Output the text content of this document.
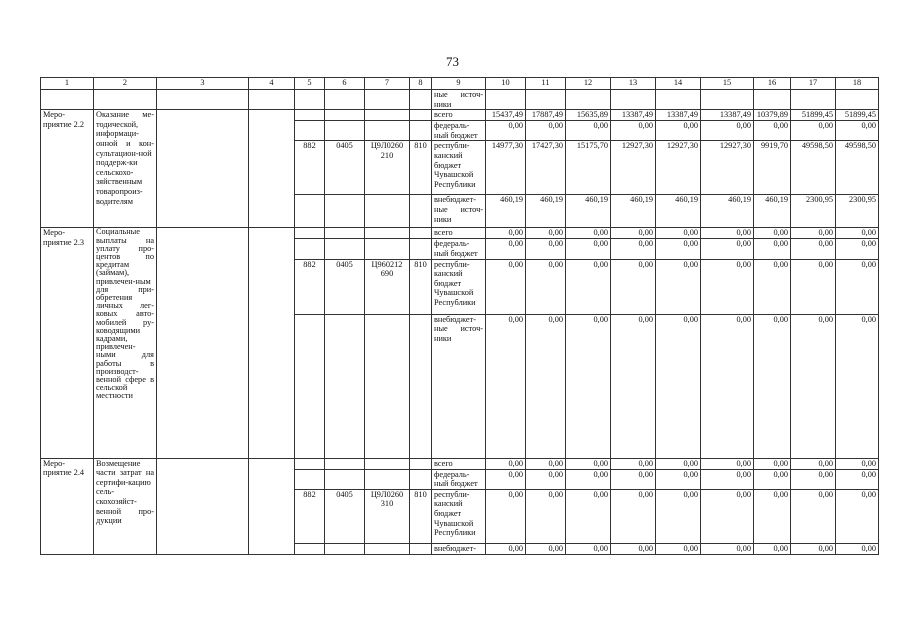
73
1	2	3	4	5	6	7	8	9	10	11	12	13	14	15	16	17	18
								ные источ-ники									
Меро-приятие 2.2	Оказание ме-тодической, информаци-онной и кон-сультацион-ной поддерж-ки сельскохо-зяйственным товаропроиз-водителям							всего	15437,49	17887,49	15635,89	13387,49	13387,49	13387,49	10379,89	51899,45	51899,45
								федераль-ный бюджет	0,00	0,00	0,00	0,00	0,00	0,00	0,00	0,00	0,00
				882	0405	Ц9Л0260 210	810	республи-канский бюджет Чувашской Республики	14977,30	17427,30	15175,70	12927,30	12927,30	12927,30	9919,70	49598,50	49598,50
								внебюджет-ные источ-ники	460,19	460,19	460,19	460,19	460,19	460,19	460,19	2300,95	2300,95
Меро-приятие 2.3	Социальные выплаты на уплату про-центов по кредитам (займам), привлечен-ным для при-обретения личных лег-ковых авто-мобилей ру-ководящими кадрами, привлечен-ными для работы в производст-венной сфере в сельской местности							всего	0,00	0,00	0,00	0,00	0,00	0,00	0,00	0,00	0,00
								федераль-ный бюджет	0,00	0,00	0,00	0,00	0,00	0,00	0,00	0,00	0,00
				882	0405	Ц960212 690	810	республи-канский бюджет Чувашской Республики	0,00	0,00	0,00	0,00	0,00	0,00	0,00	0,00	0,00
								внебюджет-ные источ-ники	0,00	0,00	0,00	0,00	0,00	0,00	0,00	0,00	0,00
Меро-приятие 2.4	Возмещение части затрат на сертифи-кацию сель-скохозяйст-венной про-дукции							всего	0,00	0,00	0,00	0,00	0,00	0,00	0,00	0,00	0,00
								федераль-ный бюджет	0,00	0,00	0,00	0,00	0,00	0,00	0,00	0,00	0,00
				882	0405	Ц9Л0260 310	810	республи-канский бюджет Чувашской Республики	0,00	0,00	0,00	0,00	0,00	0,00	0,00	0,00	0,00
								внебюджет-	0,00	0,00	0,00	0,00	0,00	0,00	0,00	0,00	0,00
